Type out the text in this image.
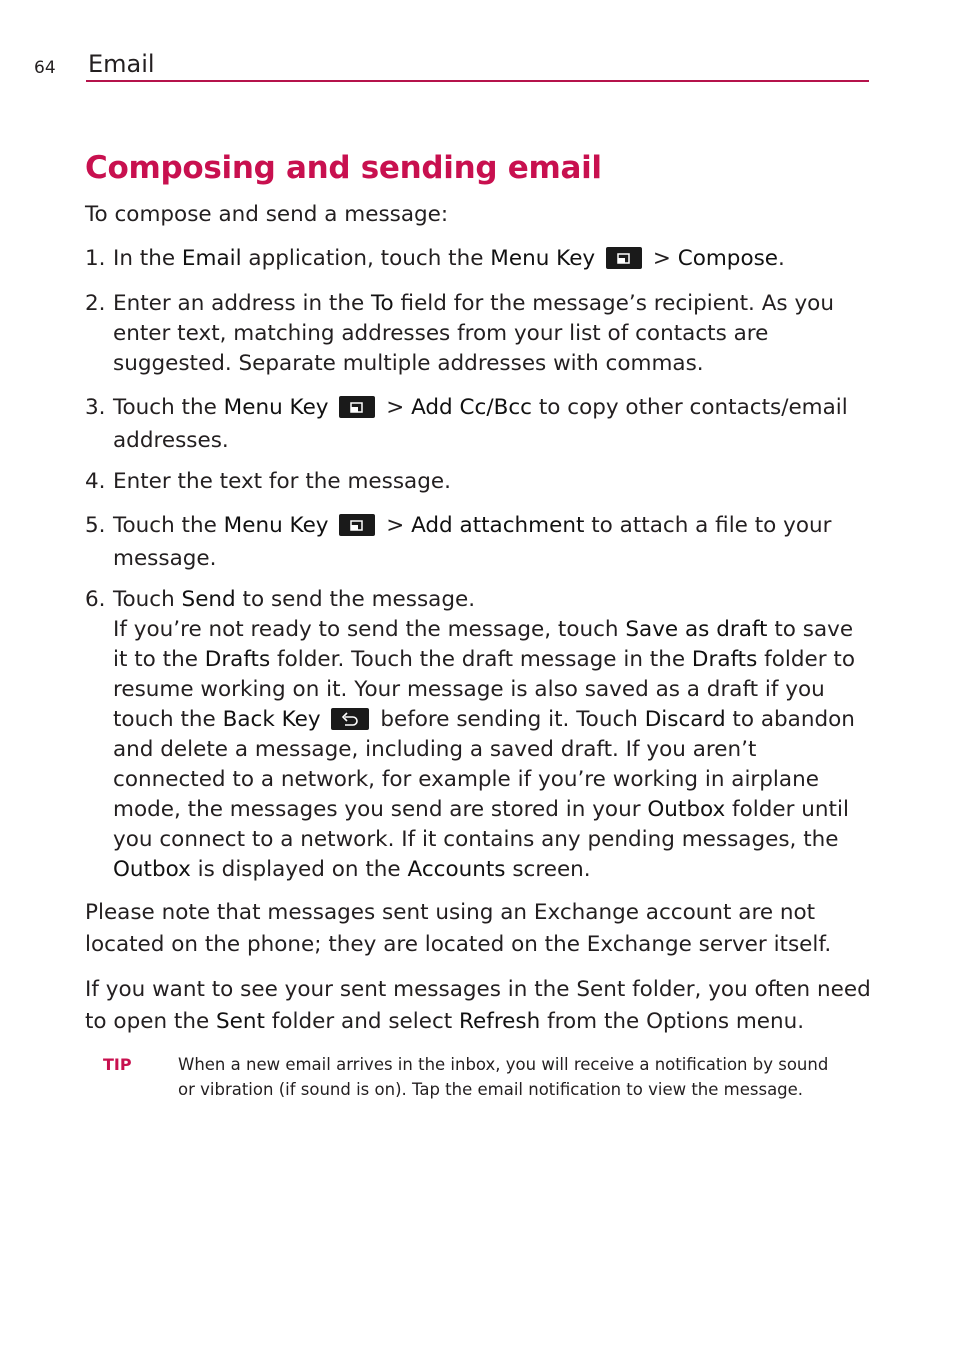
64 Email
Composing and sending email
To compose and send a message:
1. In the Email application, touch the Menu Key
> Compose.
2. Enter an address in the To field for the message’s recipient. As you enter text, matching addresses from your list of contacts are suggested. Separate multiple addresses with commas.
3. Touch the Menu Key
> Add Cc/Bcc to copy other contacts/email addresses.
4. Enter the text for the message.
5. Touch the Menu Key
> Add attachment to attach a file to your message.
6. Touch Send to send the message.
If you’re not ready to send the message, touch Save as draft to save it to the Drafts folder. Touch the draft message in the Drafts folder to resume working on it. Your message is also saved as a draft if you touch the Back Key
before sending it. Touch Discard to abandon and delete a message, including a saved draft. If you aren’t connected to a network, for example if you’re working in airplane mode, the messages you send are stored in your Outbox folder until you connect to a network. If it contains any pending messages, the Outbox is displayed on the Accounts screen.
Please note that messages sent using an Exchange account are not located on the phone; they are located on the Exchange server itself.
If you want to see your sent messages in the Sent folder, you often need to open the Sent folder and select Refresh from the Options menu.
TIP	When a new email arrives in the inbox, you will receive a notification by sound or vibration (if sound is on). Tap the email notification to view the message.
